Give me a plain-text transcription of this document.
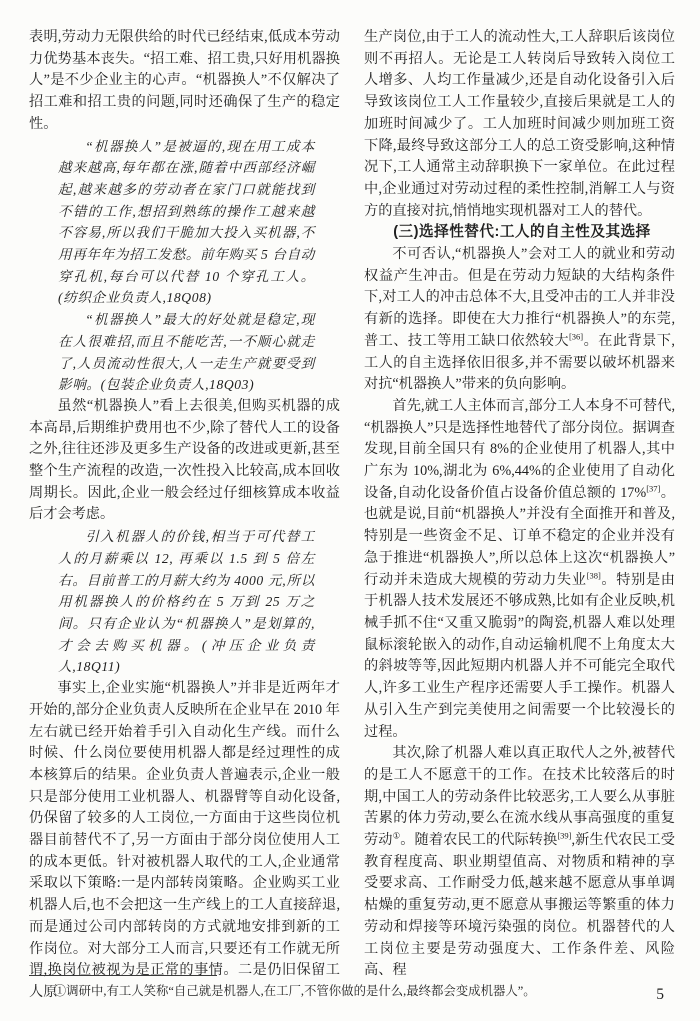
表明,劳动力无限供给的时代已经结束,低成本劳动力优势基本丧失。“招工难、招工贵,只好用机器换人”是不少企业主的心声。“机器换人”不仅解决了招工难和招工贵的问题,同时还确保了生产的稳定性。
“机器换人”是被逼的,现在用工成本越来越高,每年都在涨,随着中西部经济崛起,越来越多的劳动者在家门口就能找到不错的工作,想招到熟练的操作工越来越不容易,所以我们干脆加大投入买机器,不用再年年为招工发愁。前年购买 5 台自动穿孔机,每台可以代替 10 个穿孔工人。(纺织企业负责人,18Q08)
“机器换人”最大的好处就是稳定,现在人很难招,而且不能吃苦,一不顺心就走了,人员流动性很大,人一走生产就要受到影响。(包装企业负责人,18Q03)
虽然“机器换人”看上去很美,但购买机器的成本高昂,后期维护费用也不少,除了替代人工的设备之外,往往还涉及更多生产设备的改进或更新,甚至整个生产流程的改造,一次性投入比较高,成本回收周期长。因此,企业一般会经过仔细核算成本收益后才会考虑。
引入机器人的价钱,相当于可代替工人的月薪乘以 12, 再乘以 1.5 到 5 倍左右。目前普工的月薪大约为 4000 元,所以用机器换人的价格约在 5 万到 25 万之间。只有企业认为“机器换人”是划算的,才会去购买机器。(冲压企业负责人,18Q11)
事实上,企业实施“机器换人”并非是近两年才开始的,部分企业负责人反映所在企业早在 2010 年左右就已经开始着手引入自动化生产线。而什么时候、什么岗位要使用机器人都是经过理性的成本核算后的结果。企业负责人普遍表示,企业一般只是部分使用工业机器人、机器臂等自动化设备,仍保留了较多的人工岗位,一方面由于这些岗位机器目前替代不了,另一方面由于部分岗位使用人工的成本更低。针对被机器人取代的工人,企业通常采取以下策略:一是内部转岗策略。企业购买工业机器人后,也不会把这一生产线上的工人直接辞退,而是通过公司内部转岗的方式就地安排到新的工作岗位。对大部分工人而言,只要还有工作就无所谓,换岗位被视为是正常的事情。二是仍旧保留工人原
生产岗位,由于工人的流动性大,工人辞职后该岗位则不再招人。无论是工人转岗后导致转入岗位工人增多、人均工作量减少,还是自动化设备引入后导致该岗位工人工作量较少,直接后果就是工人的加班时间减少了。工人加班时间减少则加班工资下降,最终导致这部分工人的总工资受影响,这种情况下,工人通常主动辞职换下一家单位。在此过程中,企业通过对劳动过程的柔性控制,消解工人与资方的直接对抗,悄悄地实现机器对工人的替代。
(三)选择性替代:工人的自主性及其选择
不可否认,“机器换人”会对工人的就业和劳动权益产生冲击。但是在劳动力短缺的大结构条件下,对工人的冲击总体不大,且受冲击的工人并非没有新的选择。即使在大力推行“机器换人”的东莞,普工、技工等用工缺口依然较大[36]。在此背景下,工人的自主选择依旧很多,并不需要以破坏机器来对抗“机器换人”带来的负向影响。
首先,就工人主体而言,部分工人本身不可替代,“机器换人”只是选择性地替代了部分岗位。据调查发现,目前全国只有 8%的企业使用了机器人,其中广东为 10%,湖北为 6%,44%的企业使用了自动化设备,自动化设备价值占设备价值总额的 17%[37]。也就是说,目前“机器换人”并没有全面推开和普及,特别是一些资金不足、订单不稳定的企业并没有急于推进“机器换人”,所以总体上这次“机器换人”行动并未造成大规模的劳动力失业[38]。特别是由于机器人技术发展还不够成熟,比如有企业反映,机械手抓不住“又重又脆弱”的陶瓷,机器人难以处理鼠标滚轮嵌入的动作,自动运输机爬不上角度太大的斜坡等等,因此短期内机器人并不可能完全取代人,许多工业生产程序还需要人手工操作。机器人从引入生产到完美使用之间需要一个比较漫长的过程。
其次,除了机器人难以真正取代人之外,被替代的是工人不愿意干的工作。在技术比较落后的时期,中国工人的劳动条件比较恶劣,工人要么从事脏苦累的体力劳动,要么在流水线从事高强度的重复劳动①。随着农民工的代际转换[39],新生代农民工受教育程度高、职业期望值高、对物质和精神的享受要求高、工作耐受力低,越来越不愿意从事单调枯燥的重复劳动,更不愿意从事搬运等繁重的体力劳动和焊接等环境污染强的岗位。机器替代的人工岗位主要是劳动强度大、工作条件差、风险高、程
①调研中,有工人笑称“自己就是机器人,在工厂,不管你做的是什么,最终都会变成机器人”。	5
